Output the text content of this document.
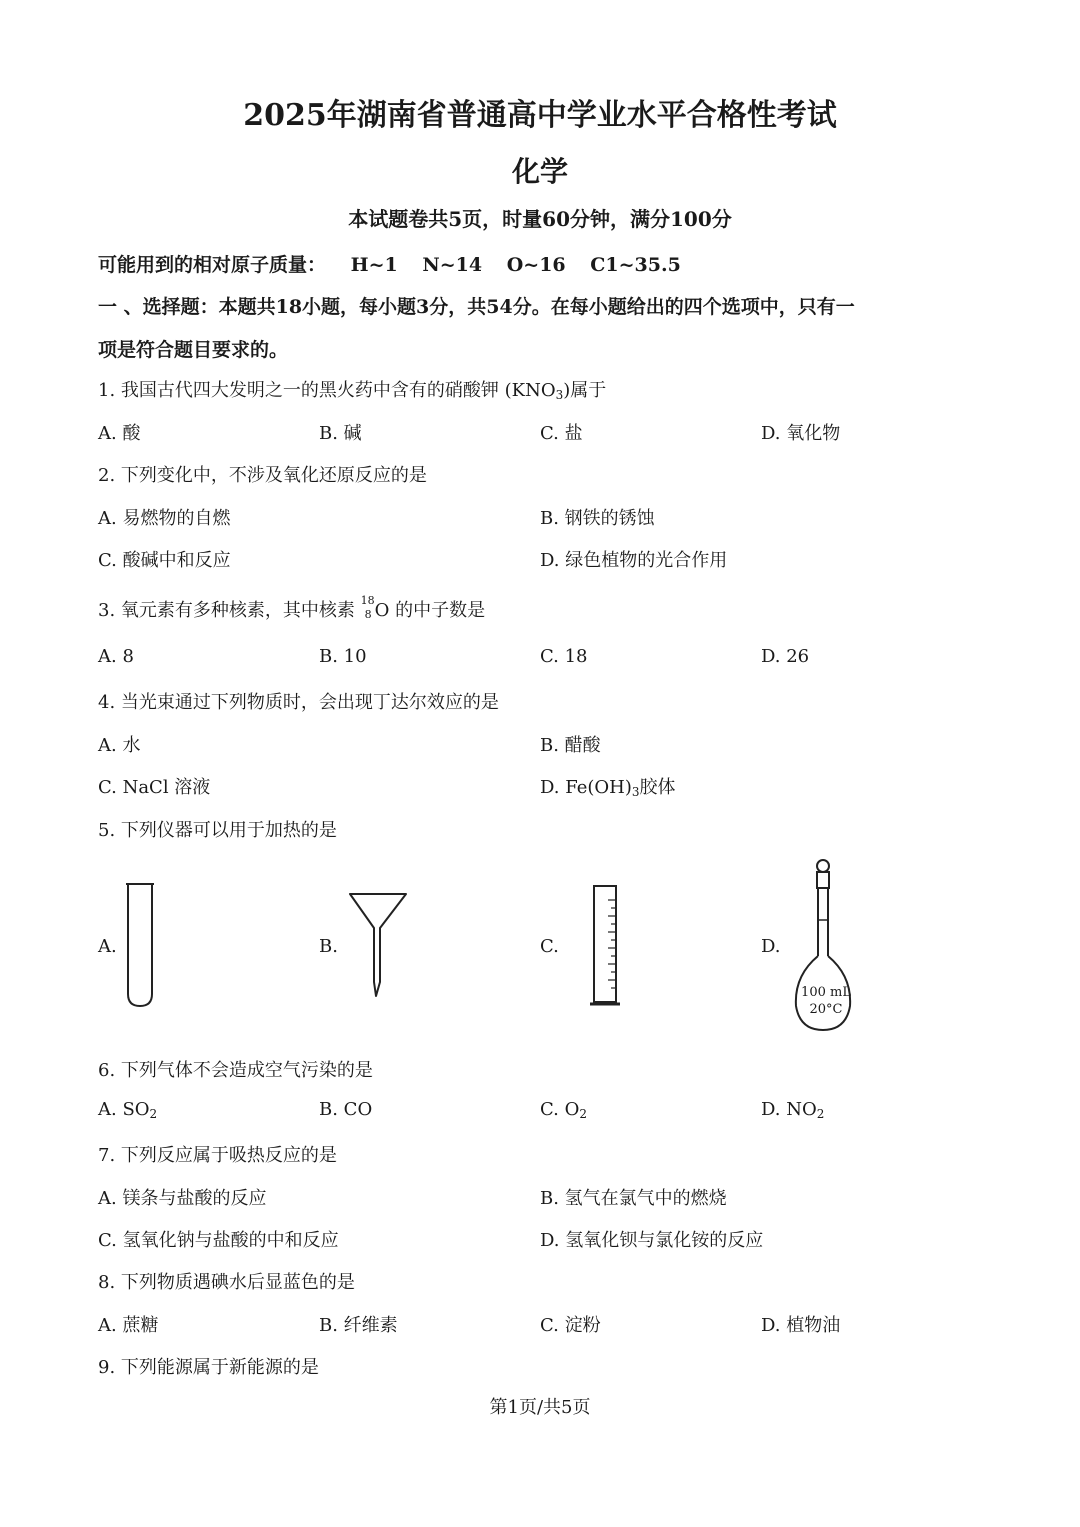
2025年湖南省普通高中学业水平合格性考试
化学
本试题卷共5页，时量60分钟，满分100分
可能用到的相对原子质量： H~1 N~14 O~16 C1~35.5
一 、选择题：本题共18小题，每小题3分，共54分。在每小题给出的四个选项中，只有一
项是符合题目要求的。
1. 我国古代四大发明之一的黑火药中含有的硝酸钾 $(KNO_3)$属于
A. 酸	B. 碱	C. 盐	D. 氧化物
2. 下列变化中，不涉及氧化还原反应的是
A. 易燃物的自燃	B. 钢铁的锈蚀
C. 酸碱中和反应	D. 绿色植物的光合作用
3. 氧元素有多种核素，其中核素 18
8 O 的中子数是
A. 8	B. 10	C. 18	D. 26
4. 当光束通过下列物质时，会出现丁达尔效应的是
A. 水	B. 醋酸
C. NaCl 溶液	D. $Fe(OH)_3$胶体
5. 下列仪器可以用于加热的是
A.	B.	C.	D.
100 mL
20°C
6. 下列气体不会造成空气污染的是
A. $SO_2$	B. CO	C. $O_2$	D. $NO_2$
7. 下列反应属于吸热反应的是
A. 镁条与盐酸的反应	B. 氢气在氯气中的燃烧
C. 氢氧化钠与盐酸的中和反应	D. 氢氧化钡与氯化铵的反应
8. 下列物质遇碘水后显蓝色的是
A. 蔗糖	B. 纤维素	C. 淀粉	D. 植物油
9. 下列能源属于新能源的是
第1页/共5页
